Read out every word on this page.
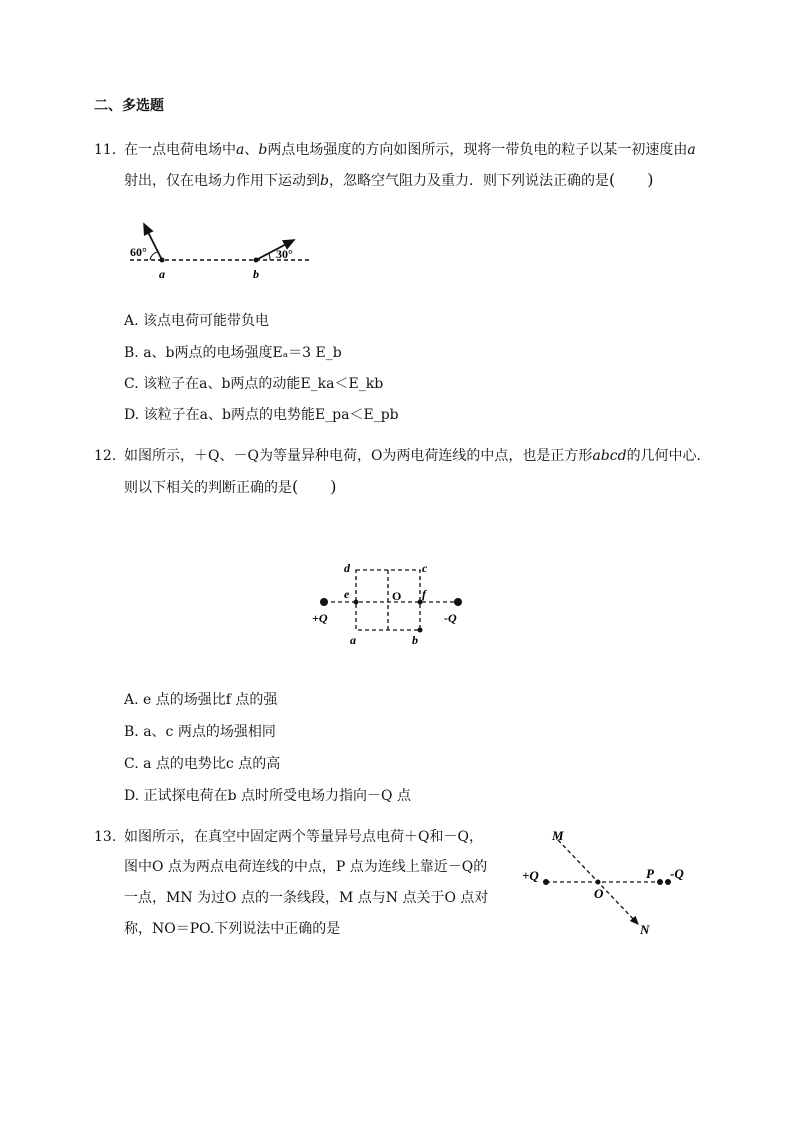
二、多选题
11. 在一点电荷电场中a、b两点电场强度的方向如图所示，现将一带负电的粒子以某一初速度由a
射出，仅在电场力作用下运动到b，忽略空气阻力及重力．则下列说法正确的是(　　)
60°	30°
a	b
A. 该点电荷可能带负电
B. a、b两点的电场强度Eₐ＝3 E_b
C. 该粒子在a、b两点的动能E_ka＜E_kb
D. 该粒子在a、b两点的电势能E_pa＜E_pb
12. 如图所示，＋Q、－Q为等量异种电荷，O为两电荷连线的中点，也是正方形abcd的几何中心．
则以下相关的判断正确的是(　　)
d	c
e	O f
+Q	-Q
a	b
A. e 点的场强比f 点的强
B. a、c 两点的场强相同
C. a 点的电势比c 点的高
D. 正试探电荷在b 点时所受电场力指向－Q 点
13. 如图所示，在真空中固定两个等量异号点电荷＋Q和－Q，
图中O 点为两点电荷连线的中点，P 点为连线上靠近－Q的
一点，MN 为过O 点的一条线段，M 点与N 点关于O 点对
称，NO＝PO.下列说法中正确的是
M
+Q
O
P -Q
N
